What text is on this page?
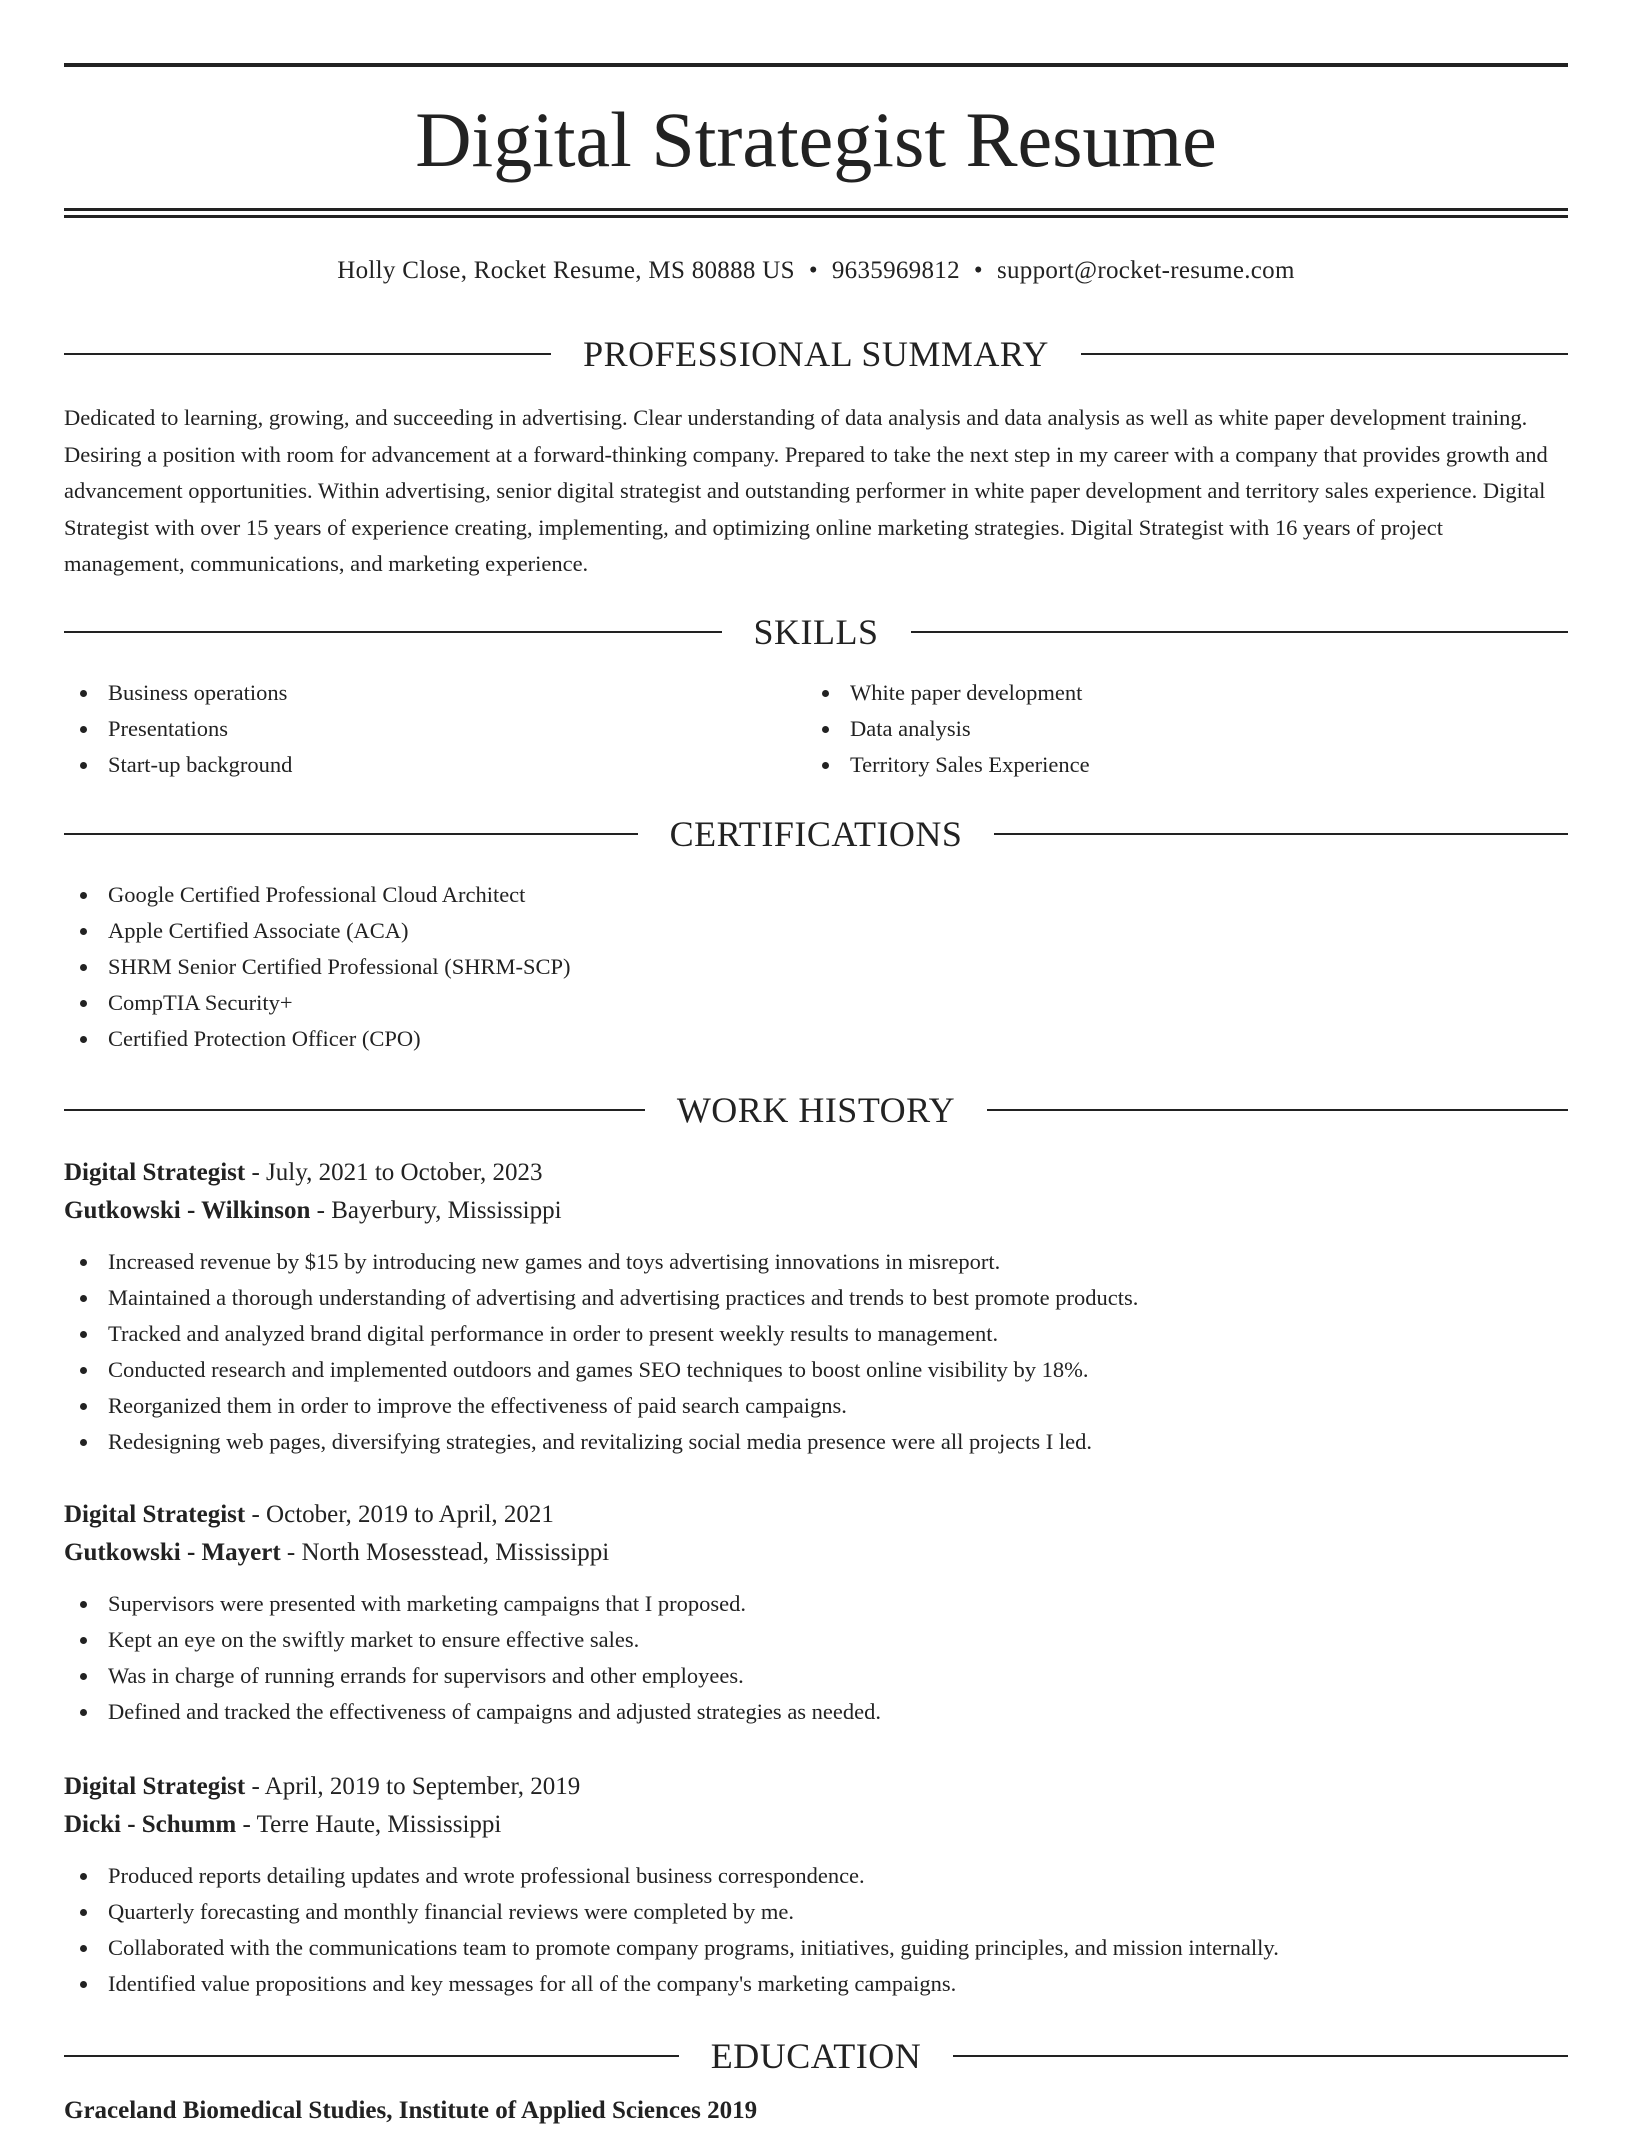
Digital Strategist Resume
Holly Close, Rocket Resume, MS 80888 US • 9635969812 • support@rocket-resume.com
PROFESSIONAL SUMMARY

Dedicated to learning, growing, and succeeding in advertising. Clear understanding of data analysis and data analysis as well as white paper development training. Desiring a position with room for advancement at a forward-thinking company. Prepared to take the next step in my career with a company that provides growth and advancement opportunities. Within advertising, senior digital strategist and outstanding performer in white paper development and territory sales experience. Digital Strategist with over 15 years of experience creating, implementing, and optimizing online marketing strategies. Digital Strategist with 16 years of project management, communications, and marketing experience.

SKILLS
Business operations
Presentations
Start-up background
White paper development
Data analysis
Territory Sales Experience
CERTIFICATIONS
Google Certified Professional Cloud Architect
Apple Certified Associate (ACA)
SHRM Senior Certified Professional (SHRM-SCP)
CompTIA Security+
Certified Protection Officer (CPO)
WORK HISTORY
Digital Strategist - July, 2021 to October, 2023
Gutkowski - Wilkinson - Bayerbury, Mississippi
Increased revenue by $15 by introducing new games and toys advertising innovations in misreport.
Maintained a thorough understanding of advertising and advertising practices and trends to best promote products.
Tracked and analyzed brand digital performance in order to present weekly results to management.
Conducted research and implemented outdoors and games SEO techniques to boost online visibility by 18%.
Reorganized them in order to improve the effectiveness of paid search campaigns.
Redesigning web pages, diversifying strategies, and revitalizing social media presence were all projects I led.
Digital Strategist - October, 2019 to April, 2021
Gutkowski - Mayert - North Mosesstead, Mississippi
Supervisors were presented with marketing campaigns that I proposed.
Kept an eye on the swiftly market to ensure effective sales.
Was in charge of running errands for supervisors and other employees.
Defined and tracked the effectiveness of campaigns and adjusted strategies as needed.
Digital Strategist - April, 2019 to September, 2019
Dicki - Schumm - Terre Haute, Mississippi
Produced reports detailing updates and wrote professional business correspondence.
Quarterly forecasting and monthly financial reviews were completed by me.
Collaborated with the communications team to promote company programs, initiatives, guiding principles, and mission internally.
Identified value propositions and key messages for all of the company's marketing campaigns.
EDUCATION
Graceland Biomedical Studies, Institute of Applied Sciences 2019
